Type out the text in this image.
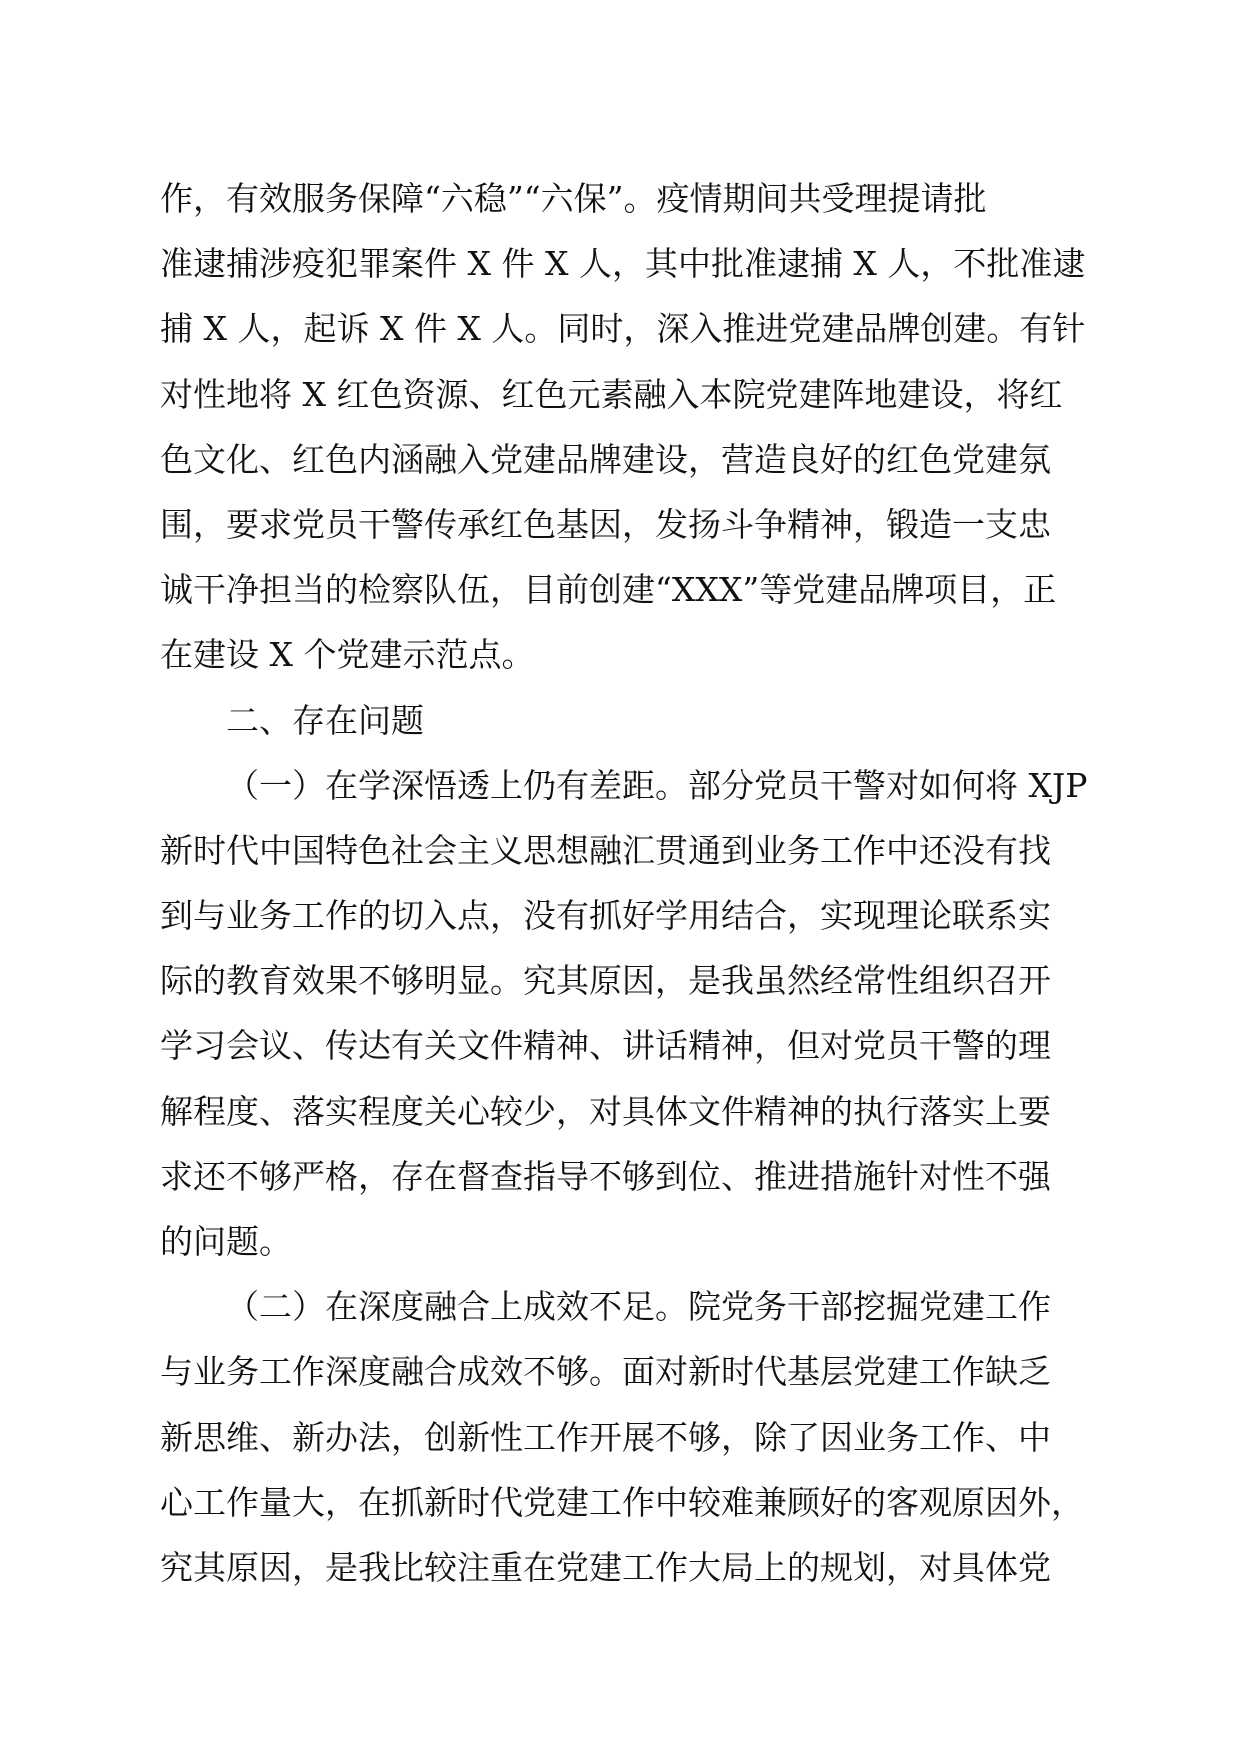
作，有效服务保障“六稳”“六保”。疫情期间共受理提请批
准逮捕涉疫犯罪案件 X 件 X 人，其中批准逮捕 X 人，不批准逮
捕 X 人，起诉 X 件 X 人。同时，深入推进党建品牌创建。有针
对性地将 X 红色资源、红色元素融入本院党建阵地建设，将红
色文化、红色内涵融入党建品牌建设，营造良好的红色党建氛
围，要求党员干警传承红色基因，发扬斗争精神，锻造一支忠
诚干净担当的检察队伍，目前创建“XXX”等党建品牌项目，正
在建设 X 个党建示范点。
二、存在问题
（一）在学深悟透上仍有差距。部分党员干警对如何将 XJP
新时代中国特色社会主义思想融汇贯通到业务工作中还没有找
到与业务工作的切入点，没有抓好学用结合，实现理论联系实
际的教育效果不够明显。究其原因，是我虽然经常性组织召开
学习会议、传达有关文件精神、讲话精神，但对党员干警的理
解程度、落实程度关心较少，对具体文件精神的执行落实上要
求还不够严格，存在督查指导不够到位、推进措施针对性不强
的问题。
（二）在深度融合上成效不足。院党务干部挖掘党建工作
与业务工作深度融合成效不够。面对新时代基层党建工作缺乏
新思维、新办法，创新性工作开展不够，除了因业务工作、中
心工作量大，在抓新时代党建工作中较难兼顾好的客观原因外，
究其原因，是我比较注重在党建工作大局上的规划，对具体党
